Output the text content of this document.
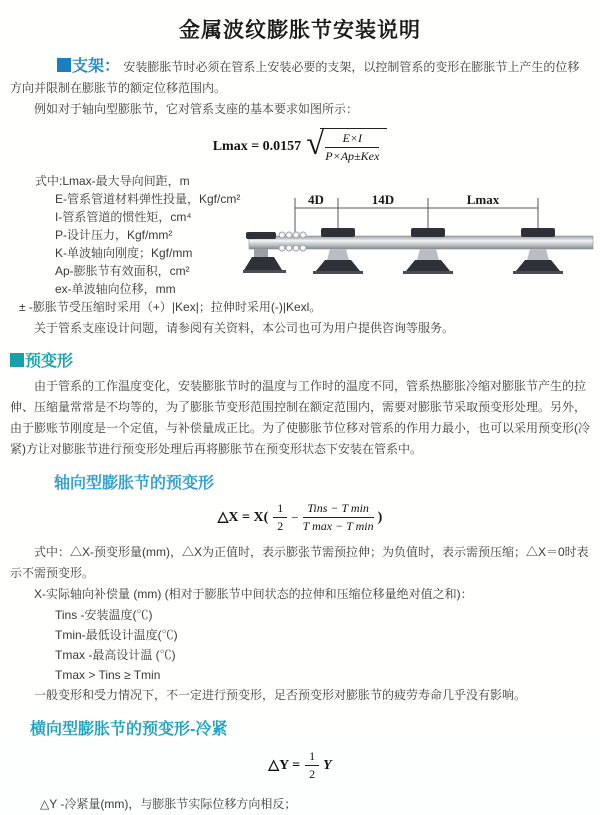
金属波纹膨胀节安装说明
支架： 安装膨胀节时必须在管系上安装必要的支架，以控制管系的变形在膨胀节上产生的位移方向并限制在膨胀节的额定位移范围内。
例如对于轴向型膨胀节，它对管系支座的基本要求如图所示：
Lmax = 0.0157 √ $\frac{E\times I}{\text{P×Ap±Kex}}$
式中:Lmax-最大导向间距，m
E-管系管道材料弹性投量，Kgf/cm²
I-管系管道的惯性矩，cm⁴
P-设计压力，Kgf/mm²
K-单波轴向刚度；Kgf/mm
Ap-膨胀节有效面积，cm²
ex-单波轴向位移，mm
± -膨胀节受压缩时采用（+）|Kex|；拉伸时采用(-)|Kexl。
关于管系支座设计问题，请参阅有关资料，本公司也可为用户提供咨询等服务。
4D	14D	Lmax
预变形
由于管系的工作温度变化，安装膨胀节时的温度与工作时的温度不同，管系热膨胀冷缩对膨胀节产生的拉伸、压缩量常常是不均等的，为了膨胀节变形范围控制在额定范围内，需要对膨胀节采取预变形处理。另外，由于膨账节刚度是一个定值，与补偿量成正比。为了使膨胀节位移对管系的作用力最小，也可以采用预变形(冷紧)方让对膨胀节进行预变形处理后再将膨胀节在预变形状态下安装在管系中。
轴向型膨胀节的预变形
△X = $X( \frac{1}{2} - \frac{\text{Tins − T min}}{\text{T max − T min}}$ )
式中：△X-预变形量(mm)，△X为正值时，表示膨张节需预拉伸；为负值时，表示需预压缩；△X＝0时表示不需预变形。
X-实际轴向补偿量 (mm) (相对于膨胀节中间状态的拉伸和压缩位移量绝对值之和)：
Tins -安装温度(℃)
Tmin-最低设计温度(℃)
Tmax -最高设计温 (℃)
Tmax > Tins ≥ Tmin
一般变形和受力情况下，不一定进行预变形，足否预变形对膨胀节的疲劳寿命几乎没有影响。
横向型膨胀节的预变形-冷紧
△Y = $\frac{1}{2}$ Y
△Y -冷紧量(mm)，与膨胀节实际位移方向相反；
